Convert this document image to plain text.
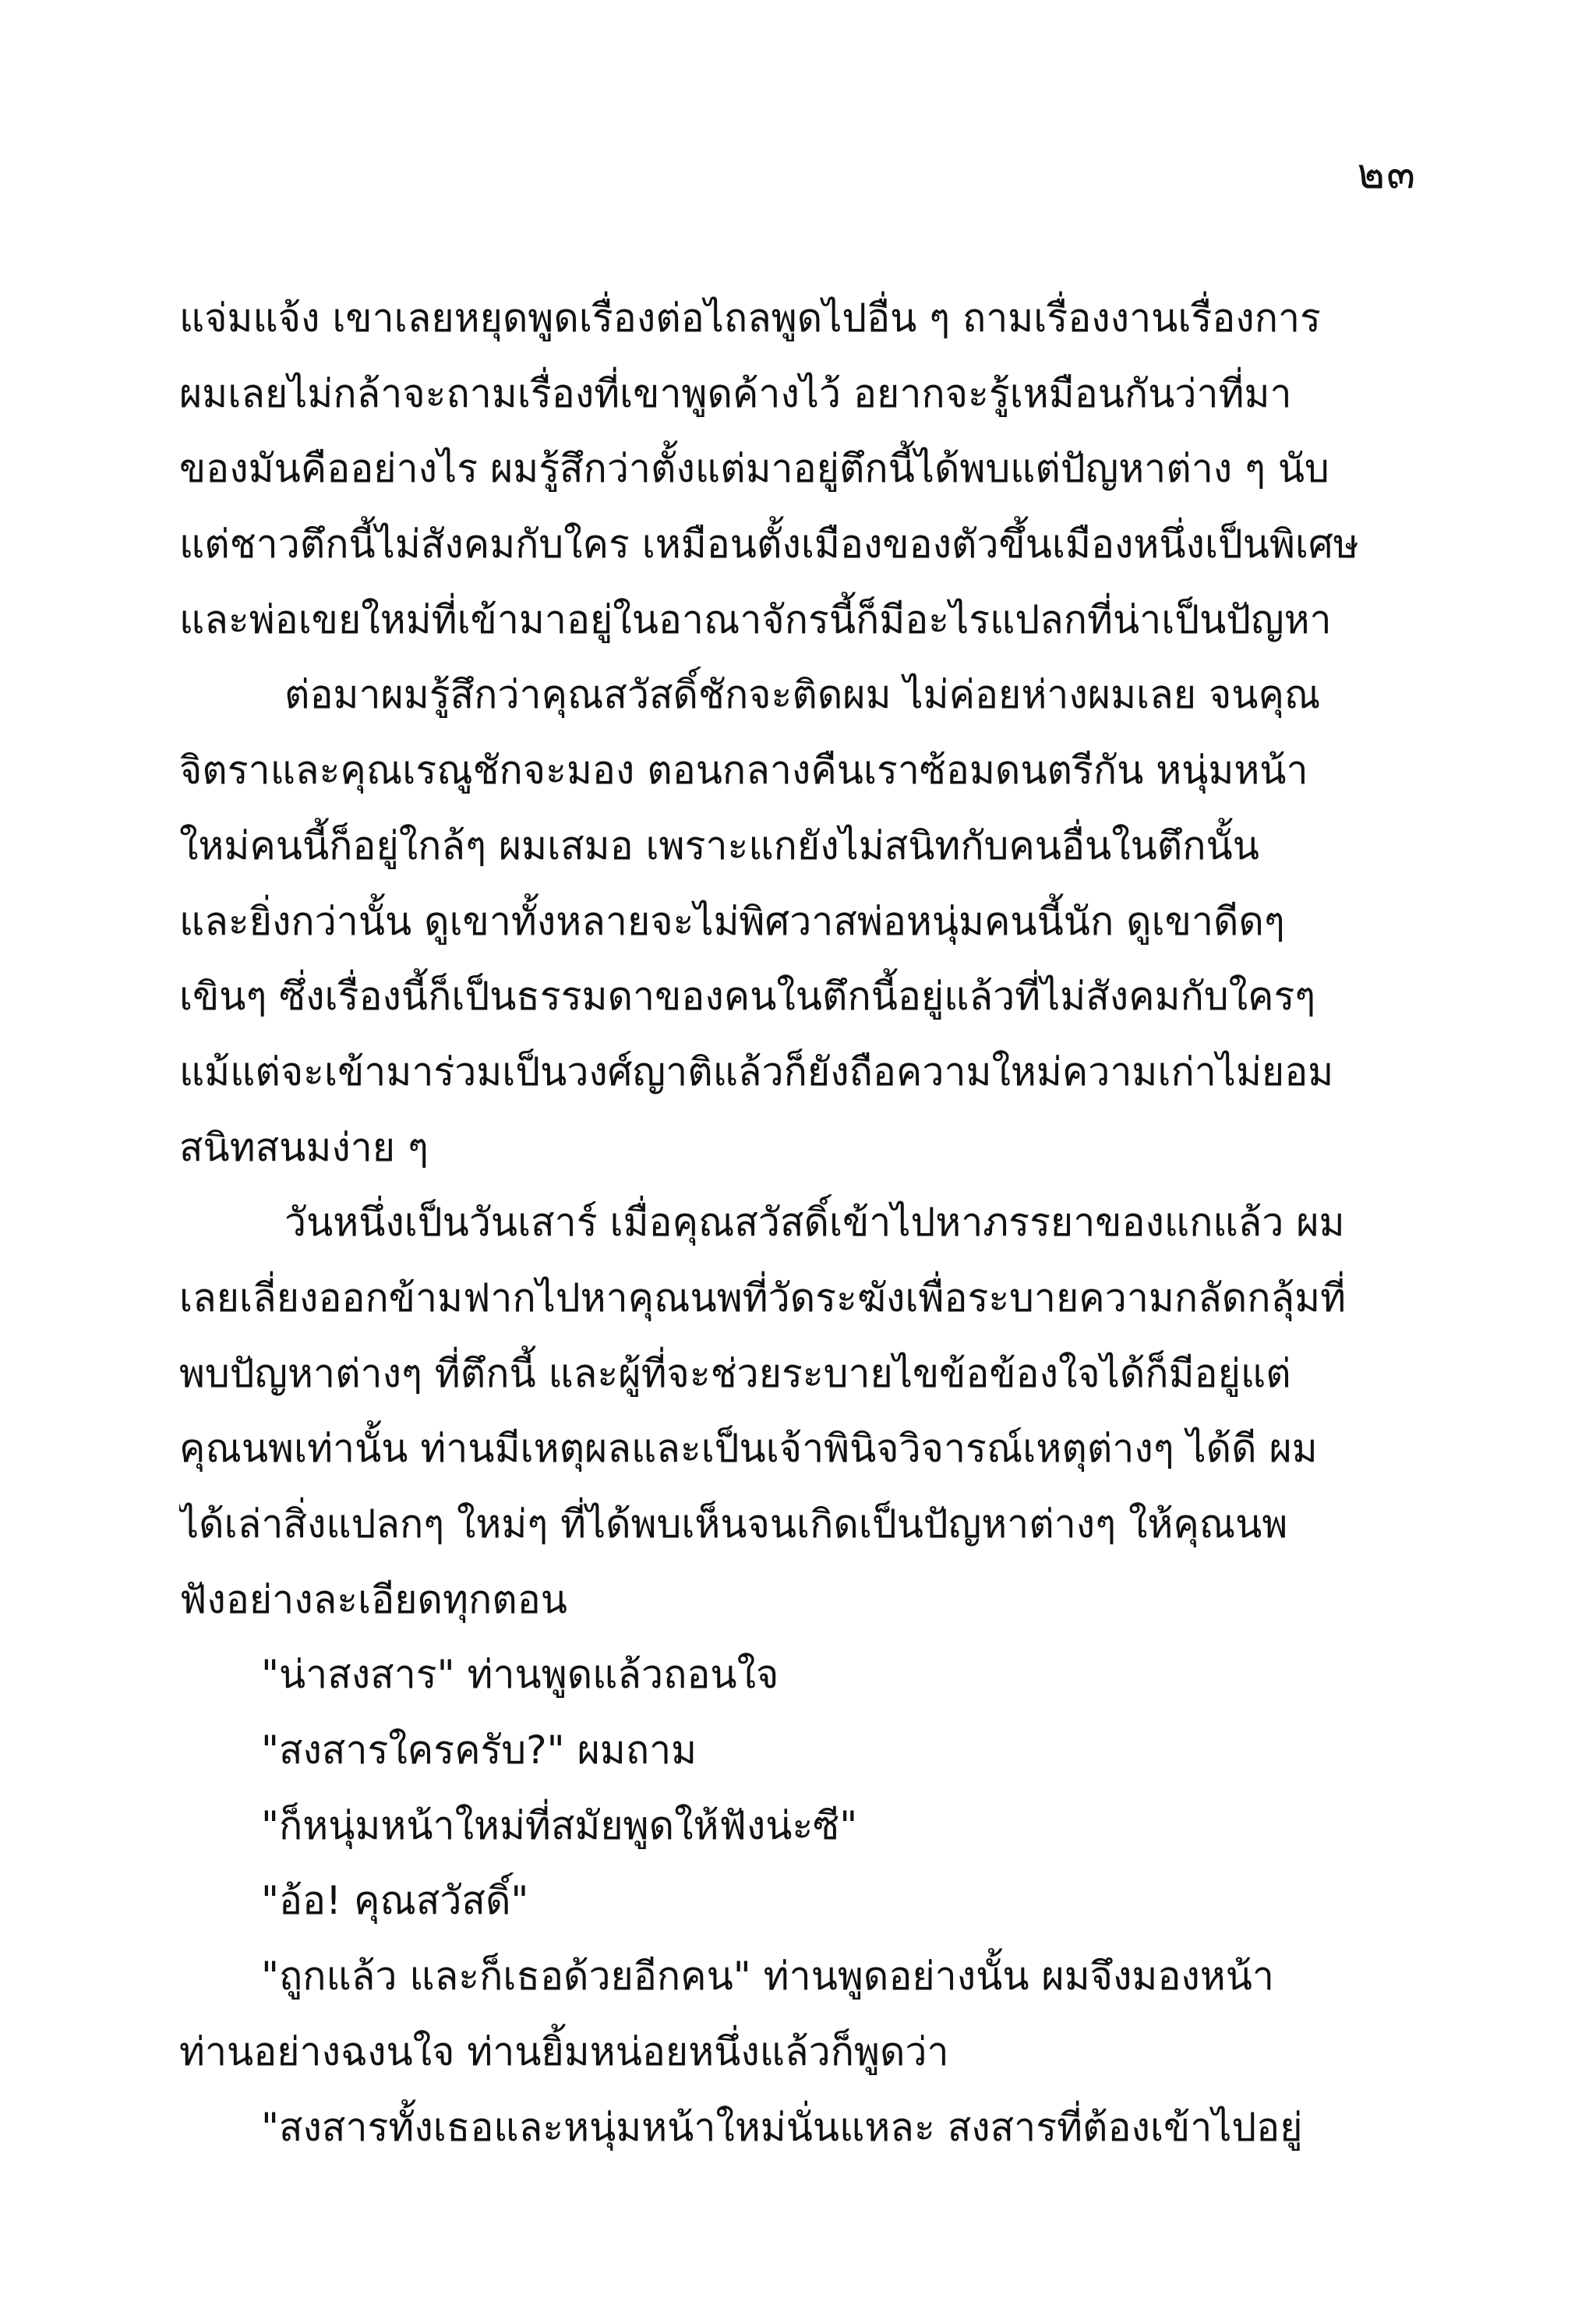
๒๓
แจ่มแจ้ง เขาเลยหยุดพูดเรื่องต่อไถลพูดไปอื่น ๆ ถามเรื่องงานเรื่องการ
ผมเลยไม่กล้าจะถามเรื่องที่เขาพูดค้างไว้ อยากจะรู้เหมือนกันว่าที่มา
ของมันคืออย่างไร ผมรู้สึกว่าตั้งแต่มาอยู่ตึกนี้ได้พบแต่ปัญหาต่าง ๆ นับ
แต่ชาวตึกนี้ไม่สังคมกับใคร เหมือนตั้งเมืองของตัวขึ้นเมืองหนึ่งเป็นพิเศษ
และพ่อเขยใหม่ที่เข้ามาอยู่ในอาณาจักรนี้ก็มีอะไรแปลกที่น่าเป็นปัญหา
ต่อมาผมรู้สึกว่าคุณสวัสดิ์ชักจะติดผม ไม่ค่อยห่างผมเลย จนคุณ
จิตราและคุณเรณูชักจะมอง ตอนกลางคืนเราซ้อมดนตรีกัน หนุ่มหน้า
ใหม่คนนี้ก็อยู่ใกล้ๆ ผมเสมอ เพราะแกยังไม่สนิทกับคนอื่นในตึกนั้น
และยิ่งกว่านั้น ดูเขาทั้งหลายจะไม่พิศวาสพ่อหนุ่มคนนี้นัก ดูเขาดีดๆ
เขินๆ ซึ่งเรื่องนี้ก็เป็นธรรมดาของคนในตึกนี้อยู่แล้วที่ไม่สังคมกับใครๆ
แม้แต่จะเข้ามาร่วมเป็นวงศ์ญาติแล้วก็ยังถือความใหม่ความเก่าไม่ยอม
สนิทสนมง่าย ๆ
วันหนึ่งเป็นวันเสาร์ เมื่อคุณสวัสดิ์เข้าไปหาภรรยาของแกแล้ว ผม
เลยเลี่ยงออกข้ามฟากไปหาคุณนพที่วัดระฆังเพื่อระบายความกลัดกลุ้มที่
พบปัญหาต่างๆ ที่ตึกนี้ และผู้ที่จะช่วยระบายไขข้อข้องใจได้ก็มีอยู่แต่
คุณนพเท่านั้น ท่านมีเหตุผลและเป็นเจ้าพินิจวิจารณ์เหตุต่างๆ ได้ดี ผม
ได้เล่าสิ่งแปลกๆ ใหม่ๆ ที่ได้พบเห็นจนเกิดเป็นปัญหาต่างๆ ให้คุณนพ
ฟังอย่างละเอียดทุกตอน
"น่าสงสาร" ท่านพูดแล้วถอนใจ
"สงสารใครครับ?" ผมถาม
"ก็หนุ่มหน้าใหม่ที่สมัยพูดให้ฟังน่ะซี"
"อ้อ! คุณสวัสดิ์"
"ถูกแล้ว และก็เธอด้วยอีกคน" ท่านพูดอย่างนั้น ผมจึงมองหน้า
ท่านอย่างฉงนใจ ท่านยิ้มหน่อยหนึ่งแล้วก็พูดว่า
"สงสารทั้งเธอและหนุ่มหน้าใหม่นั่นแหละ สงสารที่ต้องเข้าไปอยู่
